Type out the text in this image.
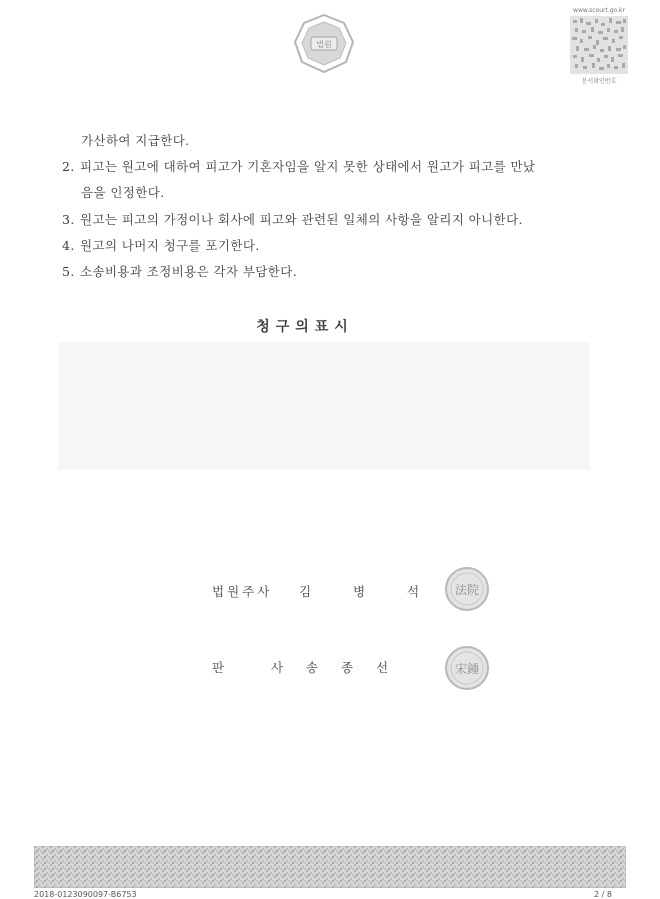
법원
www.scourt.go.kr
문서확인번호
가산하여 지급한다.
2. 피고는 원고에 대하여 피고가 기혼자임을 알지 못한 상태에서 원고가 피고를 만났
음을 인정한다.
3. 원고는 피고의 가정이나 회사에 피고와 관련된 일체의 사항을 알리지 아니한다.
4. 원고의 나머지 청구를 포기한다.
5. 소송비용과 조정비용은 각자 부담한다.
청구의표시
법원주사 김	병	석	法院
판	사 송 종 선	宋鍾
2018-0123090097-B6753	2 / 8
